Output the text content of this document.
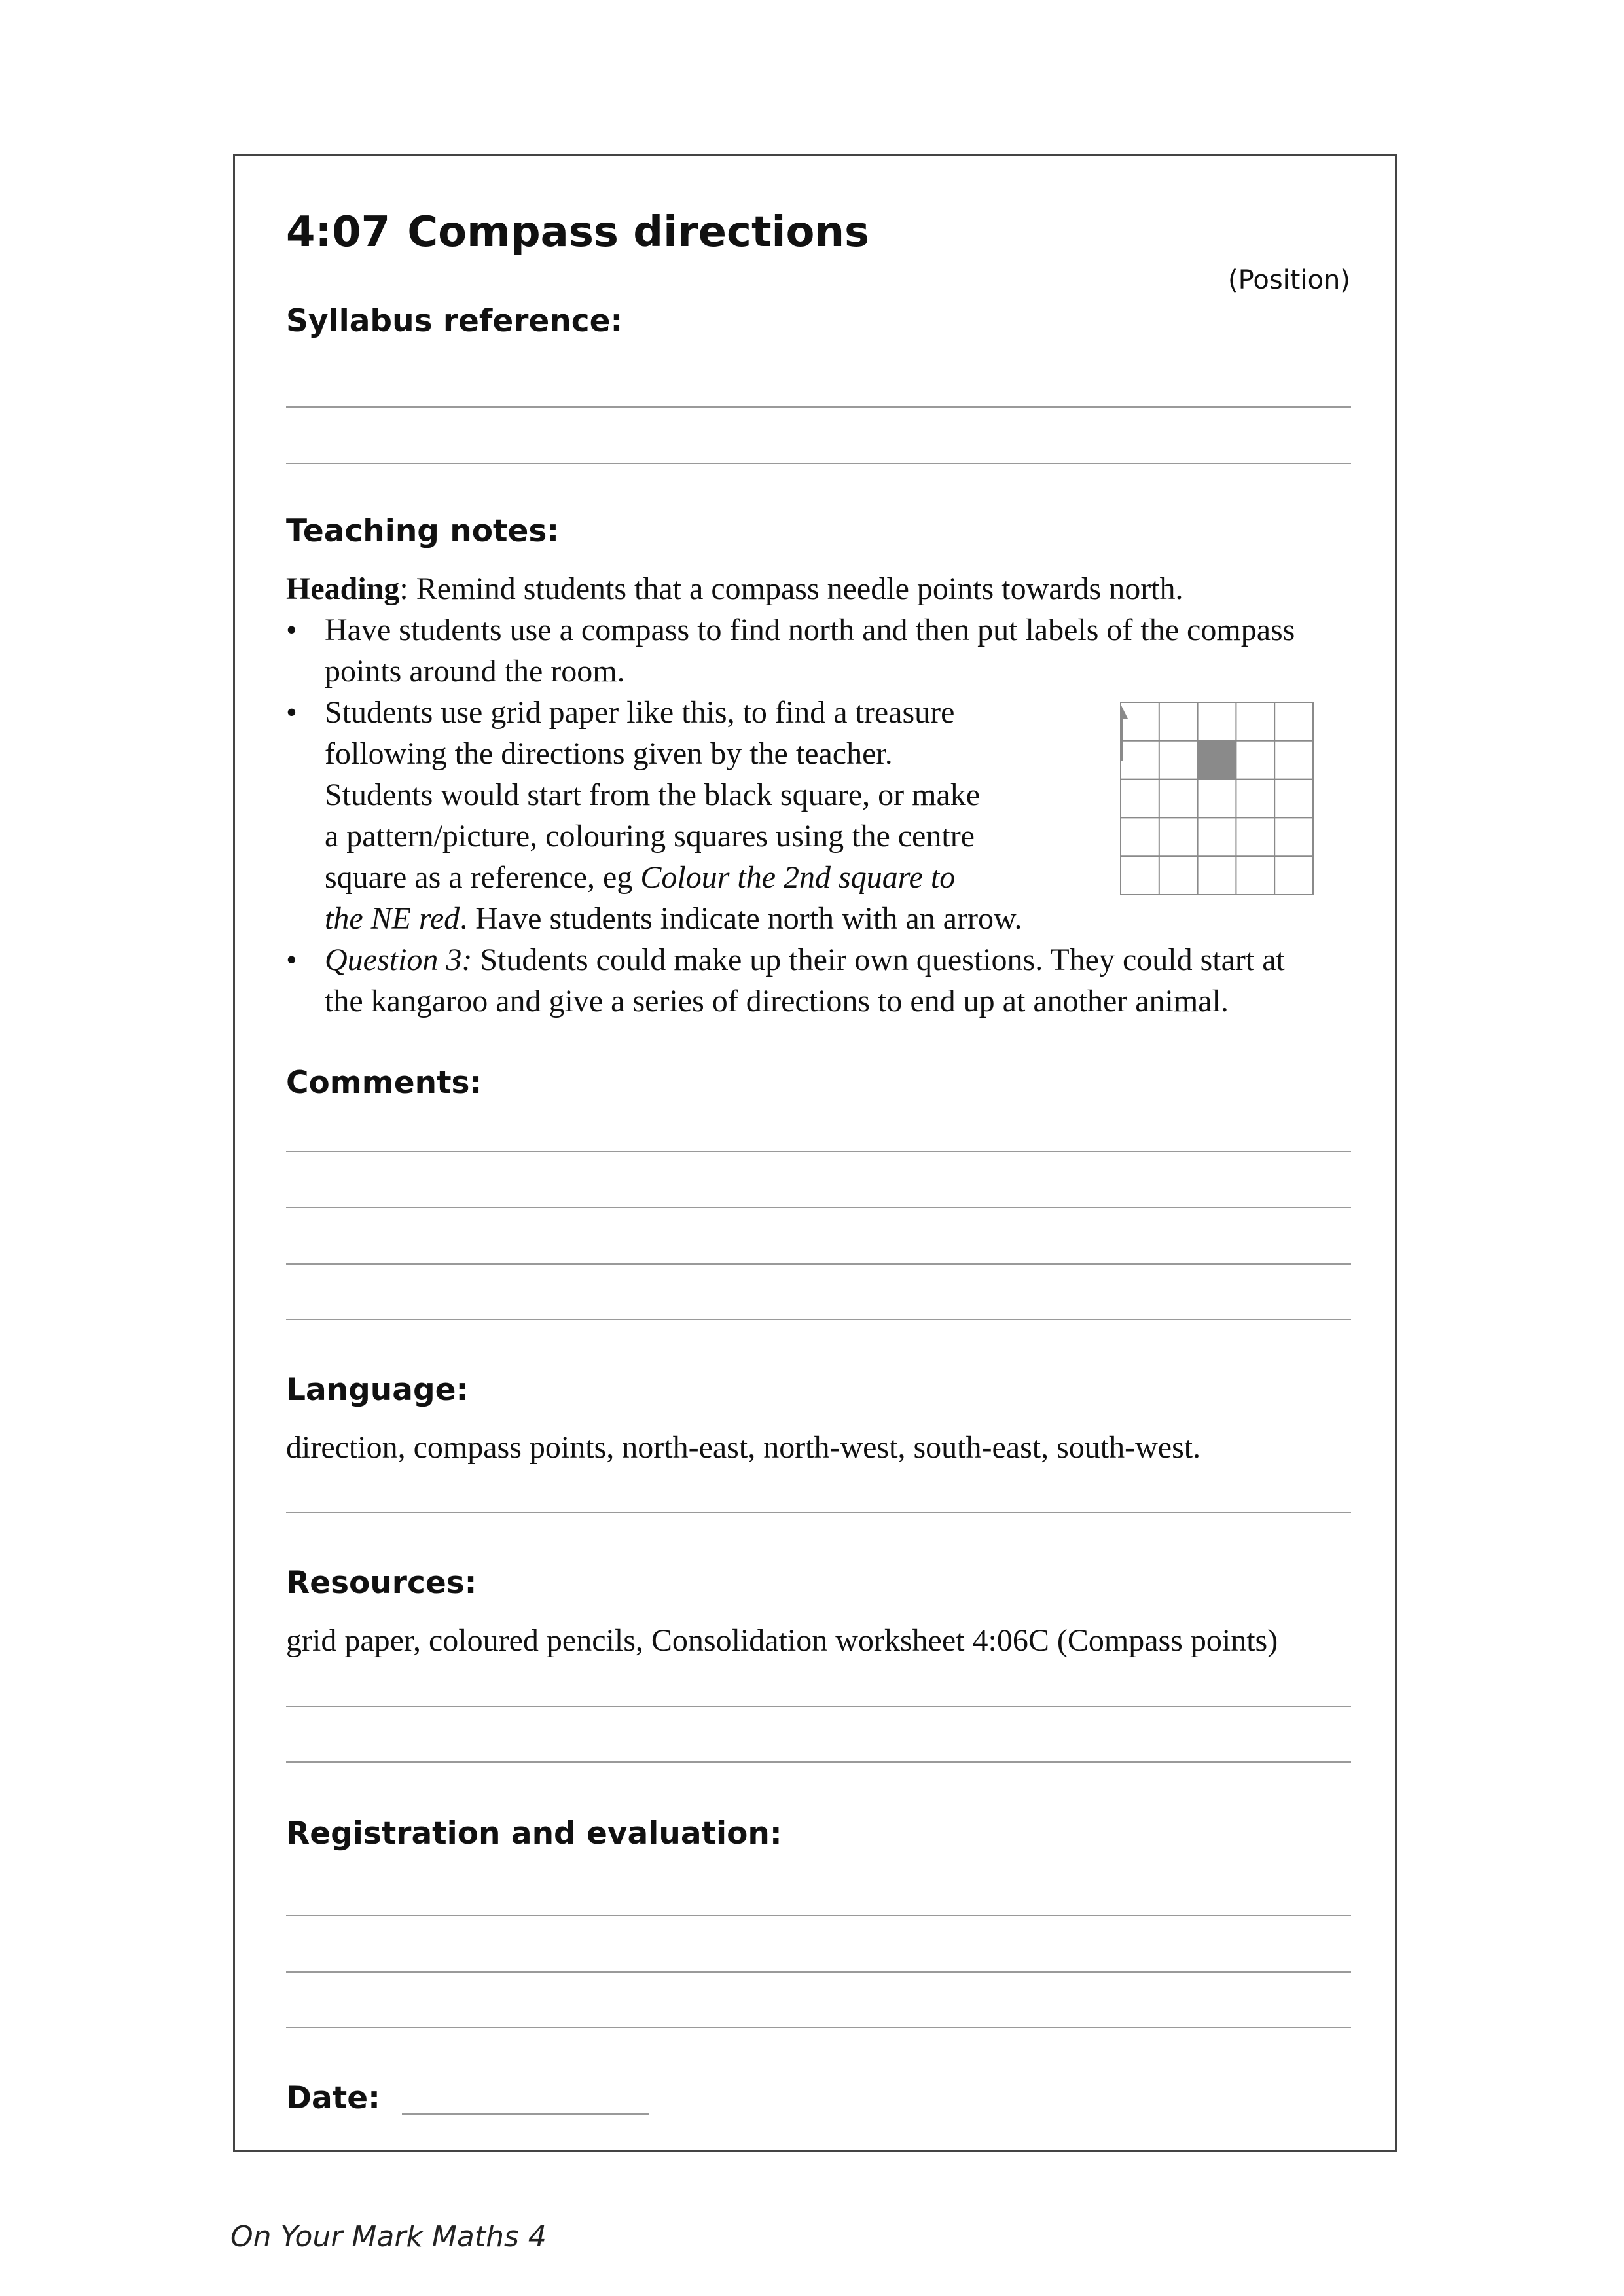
4:07 Compass directions
(Position)
Syllabus reference:
Teaching notes:
Heading: Remind students that a compass needle points towards north.
• Have students use a compass to find north and then put labels of the compass
points around the room.
• Students use grid paper like this, to find a treasure
following the directions given by the teacher.
Students would start from the black square, or make
a pattern/picture, colouring squares using the centre
square as a reference, eg Colour the 2nd square to
the NE red. Have students indicate north with an arrow.
• Question 3: Students could make up their own questions. They could start at
the kangaroo and give a series of directions to end up at another animal.
Comments:
Language:
direction, compass points, north-east, north-west, south-east, south-west.
Resources:
grid paper, coloured pencils, Consolidation worksheet 4:06C (Compass points)
Registration and evaluation:
Date:
On Your Mark Maths 4
